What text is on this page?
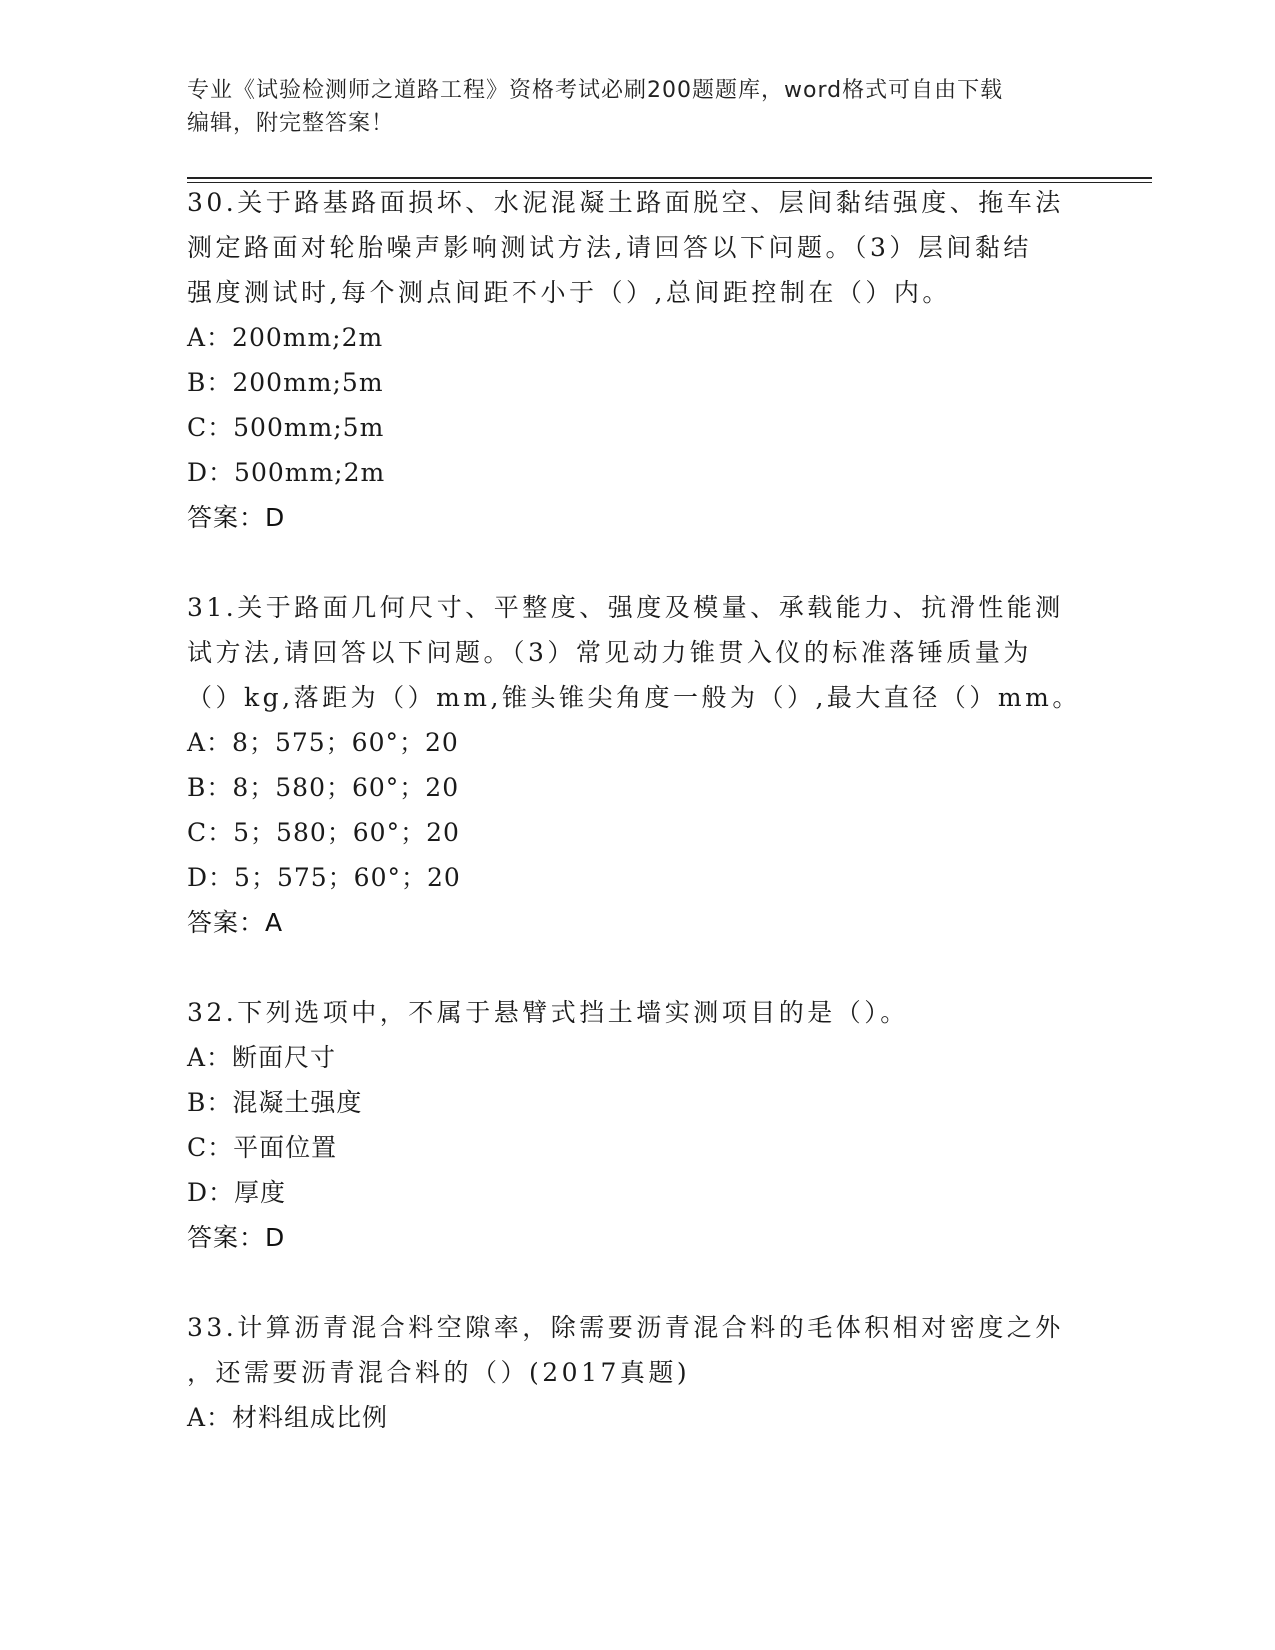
专业《试验检测师之道路工程》资格考试必刷200题题库，word格式可自由下载
编辑，附完整答案！

30.关于路基路面损坏、水泥混凝土路面脱空、层间黏结强度、拖车法

测定路面对轮胎噪声影响测试方法,请回答以下问题。（3）层间黏结

强度测试时,每个测点间距不小于（）,总间距控制在（）内。

A：200mm;2m

B：200mm;5m

C：500mm;5m

D：500mm;2m

答案：D

31.关于路面几何尺寸、平整度、强度及模量、承载能力、抗滑性能测

试方法,请回答以下问题。（3）常见动力锥贯入仪的标准落锤质量为

（）kg,落距为（）mm,锥头锥尖角度一般为（）,最大直径（）mm。

A：8；575；60°；20

B：8；580；60°；20

C：5；580；60°；20

D：5；575；60°；20

答案：A

32.下列选项中，不属于悬臂式挡土墙实测项目的是（）。

A：断面尺寸

B：混凝土强度

C：平面位置

D：厚度

答案：D

33.计算沥青混合料空隙率，除需要沥青混合料的毛体积相对密度之外

，还需要沥青混合料的（）(2017真题)

A：材料组成比例
